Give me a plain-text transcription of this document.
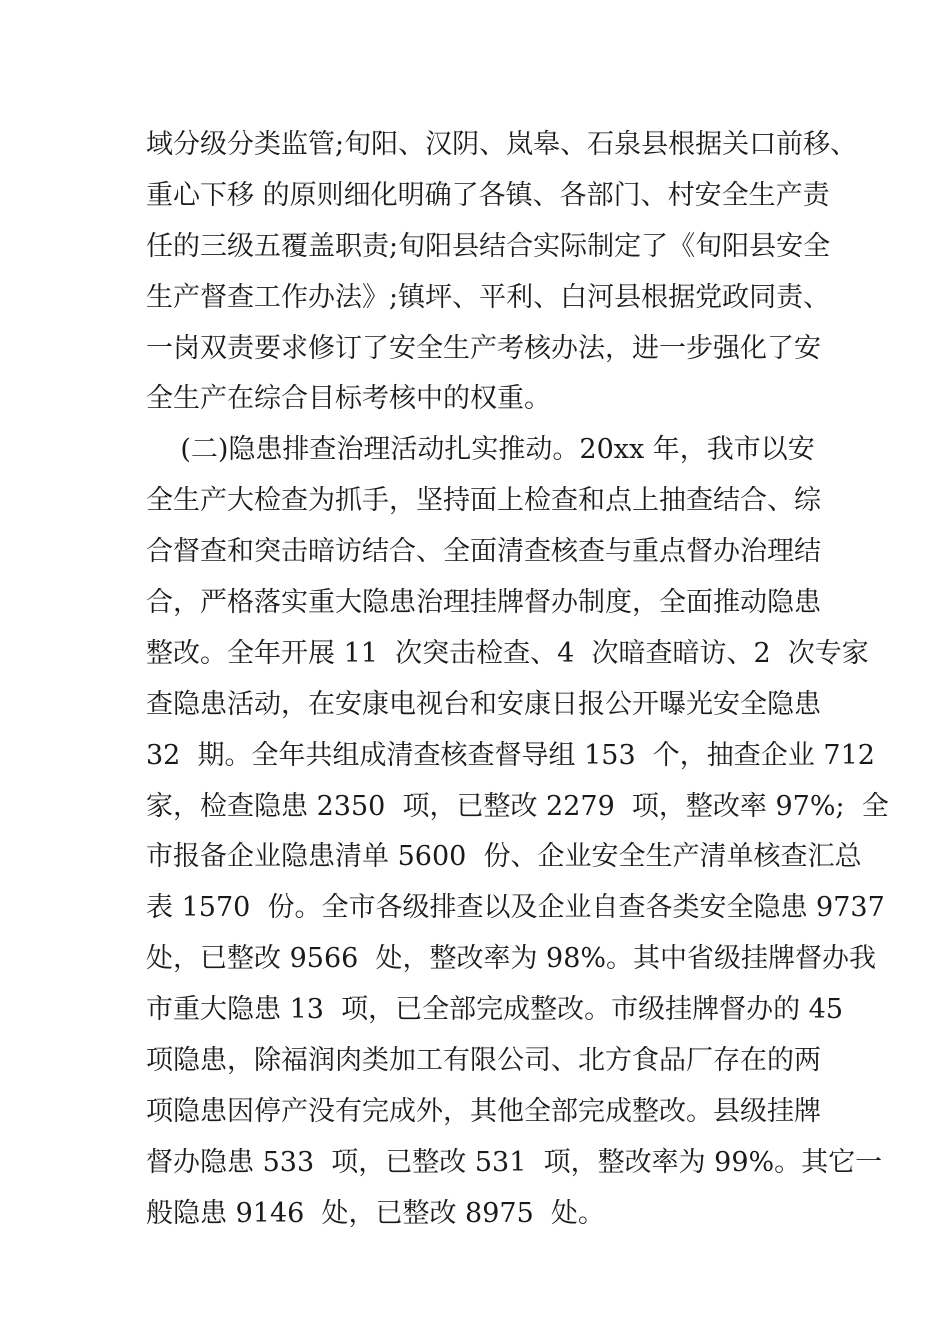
域分级分类监管;旬阳、汉阴、岚皋、石泉县根据关口前移、
重心下移 的原则细化明确了各镇、各部门、村安全生产责
任的三级五覆盖职责;旬阳县结合实际制定了《旬阳县安全
生产督查工作办法》;镇坪、平利、白河县根据党政同责、
一岗双责要求修订了安全生产考核办法，进一步强化了安
全生产在综合目标考核中的权重。
(二)隐患排查治理活动扎实推动。20xx 年，我市以安
全生产大检查为抓手，坚持面上检查和点上抽查结合、综
合督查和突击暗访结合、全面清查核查与重点督办治理结
合，严格落实重大隐患治理挂牌督办制度，全面推动隐患
整改。全年开展 11  次突击检查、4  次暗查暗访、2  次专家
查隐患活动，在安康电视台和安康日报公开曝光安全隐患
32  期。全年共组成清查核查督导组 153  个，抽查企业 712
家，检查隐患 2350  项，已整改 2279  项，整改率 97%;  全
市报备企业隐患清单 5600  份、企业安全生产清单核查汇总
表 1570  份。全市各级排查以及企业自查各类安全隐患 9737
处，已整改 9566  处，整改率为 98%。其中省级挂牌督办我
市重大隐患 13  项，已全部完成整改。市级挂牌督办的 45
项隐患，除福润肉类加工有限公司、北方食品厂存在的两
项隐患因停产没有完成外，其他全部完成整改。县级挂牌
督办隐患 533  项，已整改 531  项，整改率为 99%。其它一
般隐患 9146  处，已整改 8975  处。
